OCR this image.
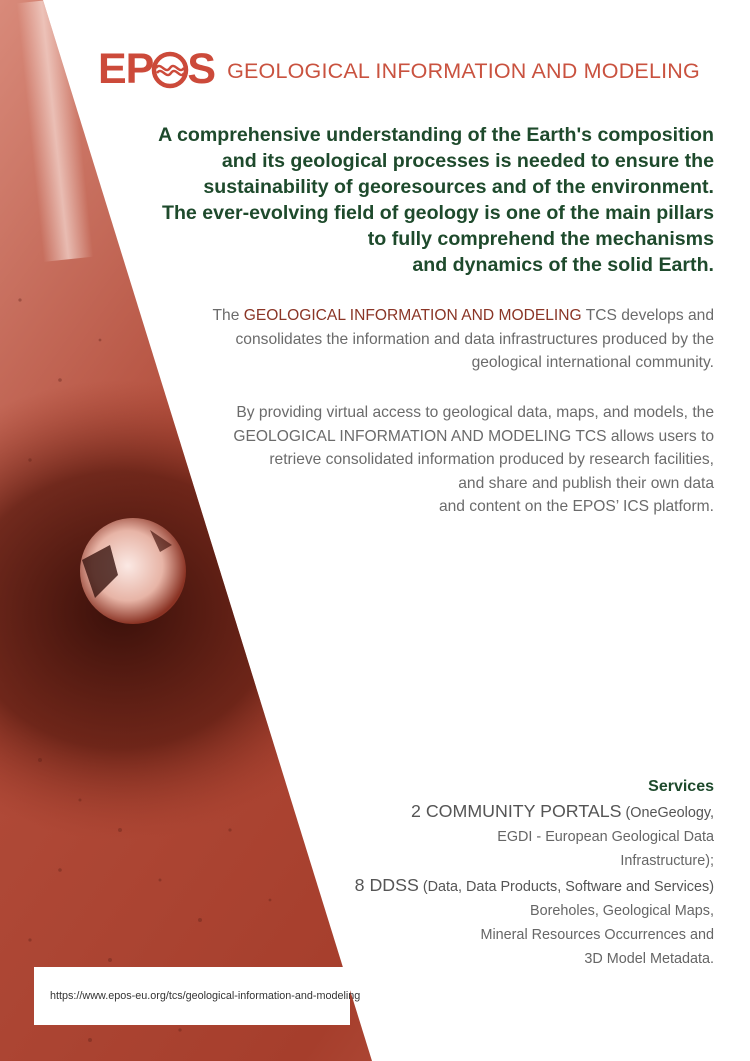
EP S GEOLOGICAL INFORMATION AND MODELING
A comprehensive understanding of the Earth's composition
and its geological processes is needed to ensure the
sustainability of georesources and of the environment.
The ever-evolving field of geology is one of the main pillars
to fully comprehend the mechanisms
and dynamics of the solid Earth.
The GEOLOGICAL INFORMATION AND MODELING TCS develops and
consolidates the information and data infrastructures produced by the
geological international community.
By providing virtual access to geological data, maps, and models, the
GEOLOGICAL INFORMATION AND MODELING TCS allows users to
retrieve consolidated information produced by research facilities,
and share and publish their own data
and content on the EPOS’ ICS platform.
Services
2 COMMUNITY PORTALS (OneGeology,
EGDI - European Geological Data
Infrastructure);
8 DDSS (Data, Data Products, Software and Services)
Boreholes, Geological Maps,
Mineral Resources Occurrences and
3D Model Metadata.
https://www.epos-eu.org/tcs/geological-information-and-modeling
